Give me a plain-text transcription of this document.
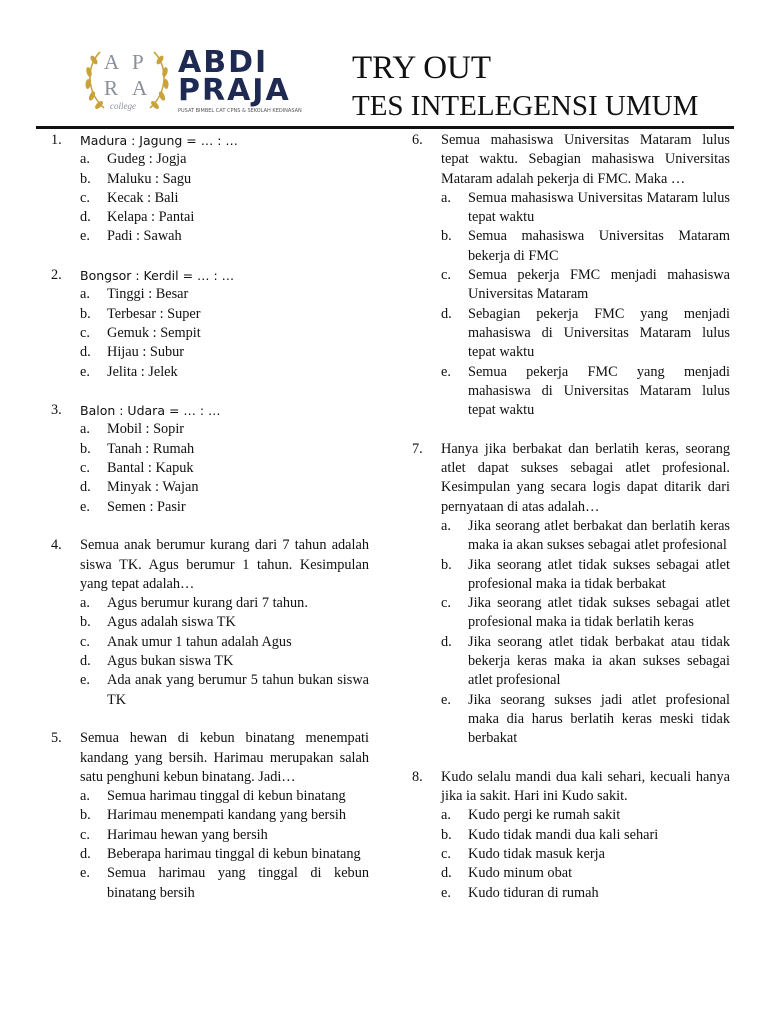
A P
R A
college
ABDI
PRAJA
PUSAT BIMBEL CAT CPNS & SEKOLAH KEDINASAN
TRY OUT
TES INTELEGENSI UMUM
1. Madura : Jagung = … : …
a. Gudeg : Jogja
b. Maluku : Sagu
c. Kecak : Bali
d. Kelapa : Pantai
e. Padi : Sawah
2. Bongsor : Kerdil = … : …
a. Tinggi : Besar
b. Terbesar : Super
c. Gemuk : Sempit
d. Hijau : Subur
e. Jelita : Jelek
3. Balon : Udara = … : …
a. Mobil : Sopir
b. Tanah : Rumah
c. Bantal : Kapuk
d. Minyak : Wajan
e. Semen : Pasir
4. Semua anak berumur kurang dari 7 tahun adalah siswa TK. Agus berumur 1 tahun. Kesimpulan yang tepat adalah…
a. Agus berumur kurang dari 7 tahun.
b. Agus adalah siswa TK
c. Anak umur 1 tahun adalah Agus
d. Agus bukan siswa TK
e. Ada anak yang berumur 5 tahun bukan siswa TK
5. Semua hewan di kebun binatang menempati kandang yang bersih. Harimau merupakan salah satu penghuni kebun binatang. Jadi…
a. Semua harimau tinggal di kebun binatang
b. Harimau menempati kandang yang bersih
c. Harimau hewan yang bersih
d. Beberapa harimau tinggal di kebun binatang
e. Semua harimau yang tinggal di kebun binatang bersih
6. Semua mahasiswa Universitas Mataram lulus tepat waktu. Sebagian mahasiswa Universitas Mataram adalah pekerja di FMC. Maka …
a. Semua mahasiswa Universitas Mataram lulus tepat waktu
b. Semua mahasiswa Universitas Mataram bekerja di FMC
c. Semua pekerja FMC menjadi mahasiswa Universitas Mataram
d. Sebagian pekerja FMC yang menjadi mahasiswa di Universitas Mataram lulus tepat waktu
e. Semua pekerja FMC yang menjadi mahasiswa di Universitas Mataram lulus tepat waktu
7. Hanya jika berbakat dan berlatih keras, seorang atlet dapat sukses sebagai atlet profesional. Kesimpulan yang secara logis dapat ditarik dari pernyataan di atas adalah…
a. Jika seorang atlet berbakat dan berlatih keras maka ia akan sukses sebagai atlet profesional
b. Jika seorang atlet tidak sukses sebagai atlet profesional maka ia tidak berbakat
c. Jika seorang atlet tidak sukses sebagai atlet profesional maka ia tidak berlatih keras
d. Jika seorang atlet tidak berbakat atau tidak bekerja keras maka ia akan sukses sebagai atlet profesional
e. Jika seorang sukses jadi atlet profesional maka dia harus berlatih keras meski tidak berbakat
8. Kudo selalu mandi dua kali sehari, kecuali hanya jika ia sakit. Hari ini Kudo sakit.
a. Kudo pergi ke rumah sakit
b. Kudo tidak mandi dua kali sehari
c. Kudo tidak masuk kerja
d. Kudo minum obat
e. Kudo tiduran di rumah
